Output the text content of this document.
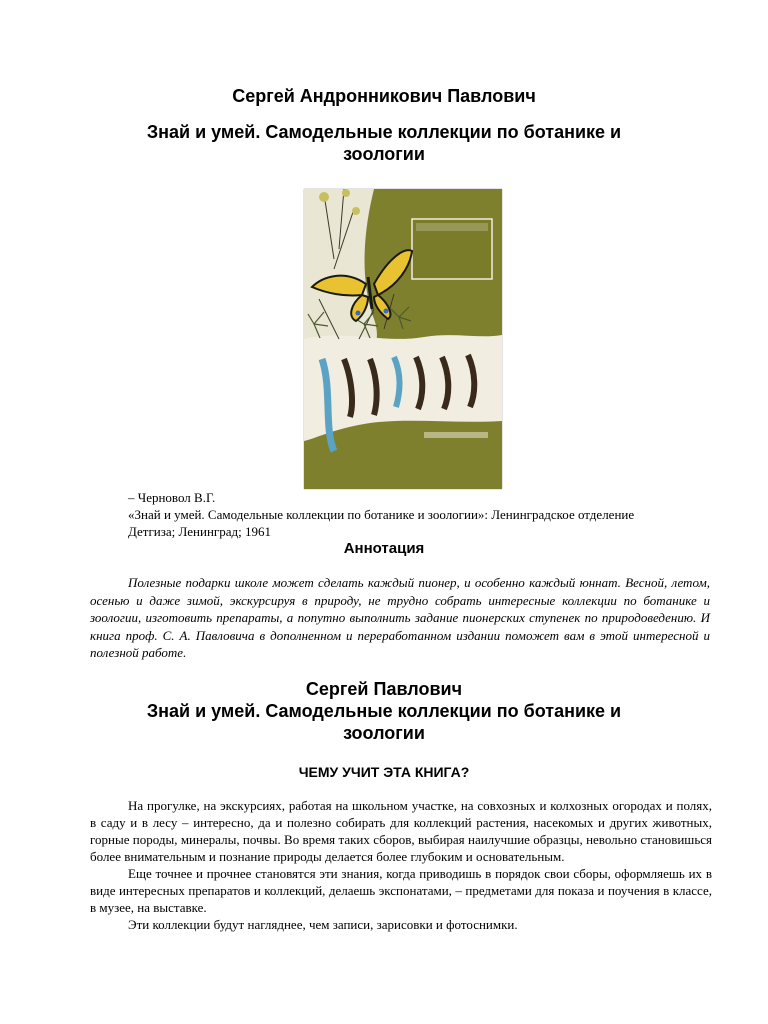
Сергей Андронникович Павлович
Знай и умей. Самодельные коллекции по ботанике и зоологии
– Черновол В.Г.
«Знай и умей. Самодельные коллекции по ботанике и зоологии»: Ленинградское отделение Детгиза; Ленинград; 1961
Аннотация

Полезные подарки школе может сделать каждый пионер, и особенно каждый юннат. Весной, летом, осенью и даже зимой, экскурсируя в природу, не трудно собрать интересные коллекции по ботанике и зоологии, изготовить препараты, а попутно выполнить задание пионерских ступенек по природоведению. И книга проф. С. А. Павловича в дополненном и переработанном издании поможет вам в этой интересной и полезной работе.

Сергей Павлович
Знай и умей. Самодельные коллекции по ботанике и зоологии
ЧЕМУ УЧИТ ЭТА КНИГА?

На прогулке, на экскурсиях, работая на школьном участке, на совхозных и колхозных огородах и полях, в саду и в лесу – интересно, да и полезно собирать для коллекций растения, насекомых и других животных, горные породы, минералы, почвы. Во время таких сборов, выбирая наилучшие образцы, невольно становишься более внимательным и познание природы делается более глубоким и основательным.

Еще точнее и прочнее становятся эти знания, когда приводишь в порядок свои сборы, оформляешь их в виде интересных препаратов и коллекций, делаешь экспонатами, – предметами для показа и поучения в классе, в музее, на выставке.

Эти коллекции будут нагляднее, чем записи, зарисовки и фотоснимки.
